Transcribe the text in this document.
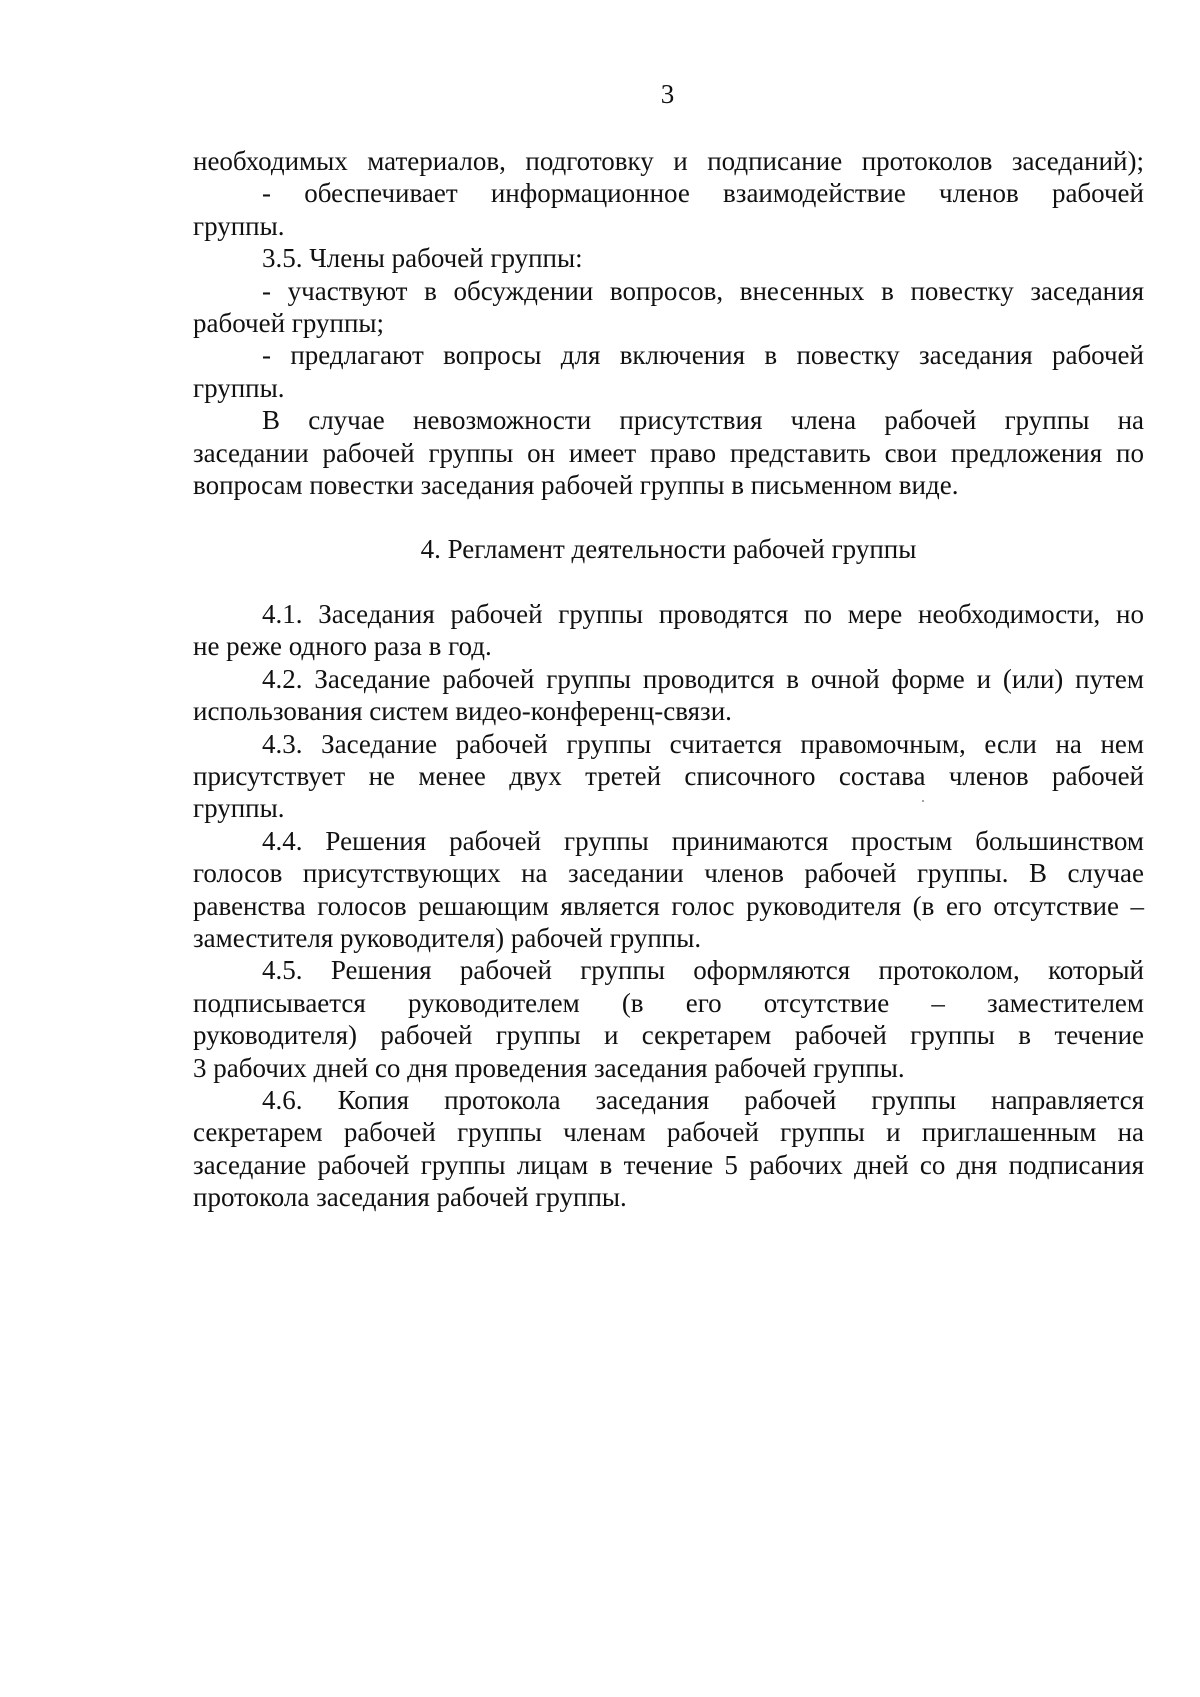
3
необходимых материалов, подготовку и подписание протоколов заседаний);
- обеспечивает информационное взаимодействие членов рабочей
группы.
3.5. Члены рабочей группы:
- участвуют в обсуждении вопросов, внесенных в повестку заседания
рабочей группы;
- предлагают вопросы для включения в повестку заседания рабочей
группы.
В случае невозможности присутствия члена рабочей группы на
заседании рабочей группы он имеет право представить свои предложения по
вопросам повестки заседания рабочей группы в письменном виде.
4. Регламент деятельности рабочей группы
4.1. Заседания рабочей группы проводятся по мере необходимости, но
не реже одного раза в год.
4.2. Заседание рабочей группы проводится в очной форме и (или) путем
использования систем видео-конференц-связи.
4.3. Заседание рабочей группы считается правомочным, если на нем
присутствует не менее двух третей списочного состава членов рабочей
группы.
4.4. Решения рабочей группы принимаются простым большинством
голосов присутствующих на заседании членов рабочей группы. В случае
равенства голосов решающим является голос руководителя (в его отсутствие –
заместителя руководителя) рабочей группы.
4.5. Решения рабочей группы оформляются протоколом, который
подписывается руководителем (в его отсутствие – заместителем
руководителя) рабочей группы и секретарем рабочей группы в течение
3 рабочих дней со дня проведения заседания рабочей группы.
4.6. Копия протокола заседания рабочей группы направляется
секретарем рабочей группы членам рабочей группы и приглашенным на
заседание рабочей группы лицам в течение 5 рабочих дней со дня подписания
протокола заседания рабочей группы.
